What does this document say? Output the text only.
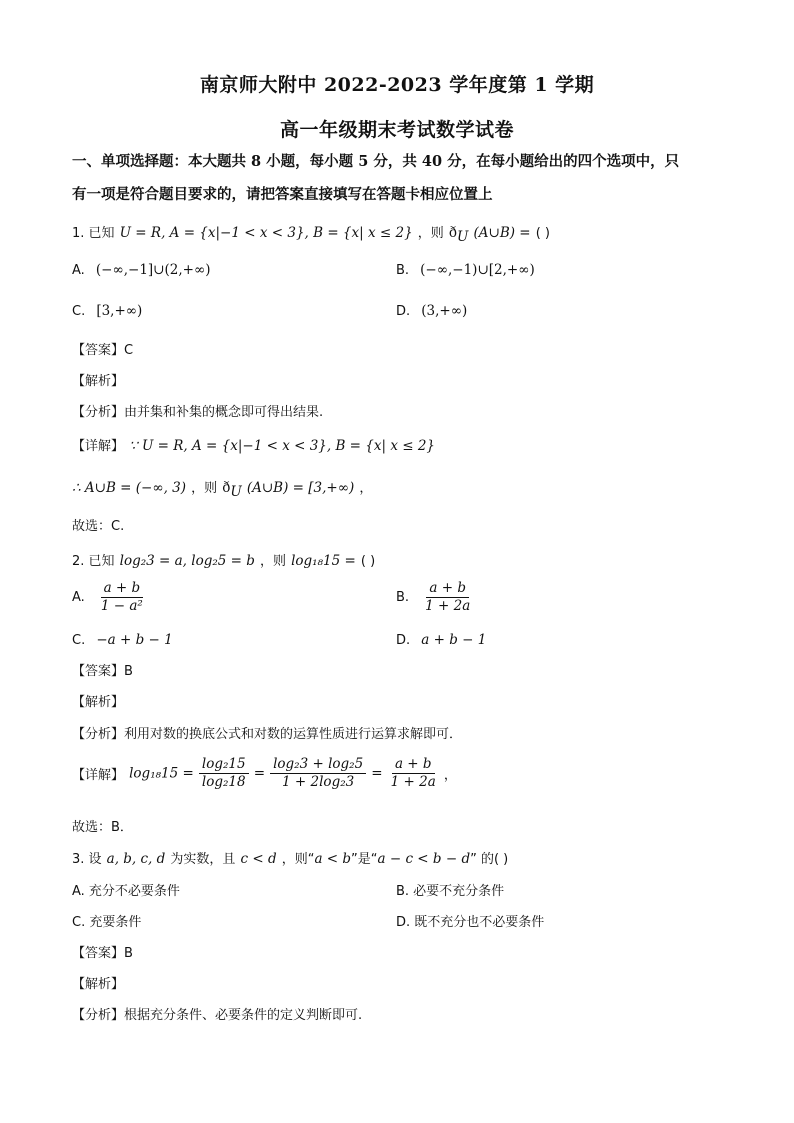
南京师大附中 2022-2023 学年度第 1 学期
高一年级期末考试数学试卷
一、单项选择题：本大题共 8 小题，每小题 5 分，共 40 分，在每小题给出的四个选项中，只
有一项是符合题目要求的，请把答案直接填写在答题卡相应位置上
1. 已知 U = R, A = {x|−1 < x < 3}, B = {x| x ≤ 2} ，则 $ð_U$ (A∪B) = ( )
A. (−∞,−1]∪(2,+∞)	B. (−∞,−1)∪[2,+∞)
C. [3,+∞)	D. (3,+∞)
【答案】C
【解析】
【分析】由并集和补集的概念即可得出结果.
【详解】 ∵ U = R, A = {x|−1 < x < 3}, B = {x| x ≤ 2}
∴ A∪B = (−∞, 3) ，则 $ð_U$ (A∪B) = [3,+∞) ，
故选：C.
2. 已知 log₂3 = a, log₂5 = b ，则 log₁₈15 = ( )
A. $\frac{a + b}{\text{1 − a²}}$	B. $\frac{a + b}{1 + 2a}$
C. −a + b − 1	D. a + b − 1
【答案】B
【解析】
【分析】利用对数的换底公式和对数的运算性质进行运算求解即可．
【详解】 $\log_{18}15 = \frac{\text{log₂15}}{\text{log₂18}} = \frac{\text{log₂3 + log₂5}}{\text{1 + 2log₂3}} = \frac{a + b}{1 + 2a}$ ，
故选：B．
3. 设 a, b, c, d 为实数，且 c < d ，则“a < b”是“a − c < b − d” 的( )
A. 充分不必要条件	B. 必要不充分条件
C. 充要条件	D. 既不充分也不必要条件
【答案】B
【解析】
【分析】根据充分条件、必要条件的定义判断即可.
